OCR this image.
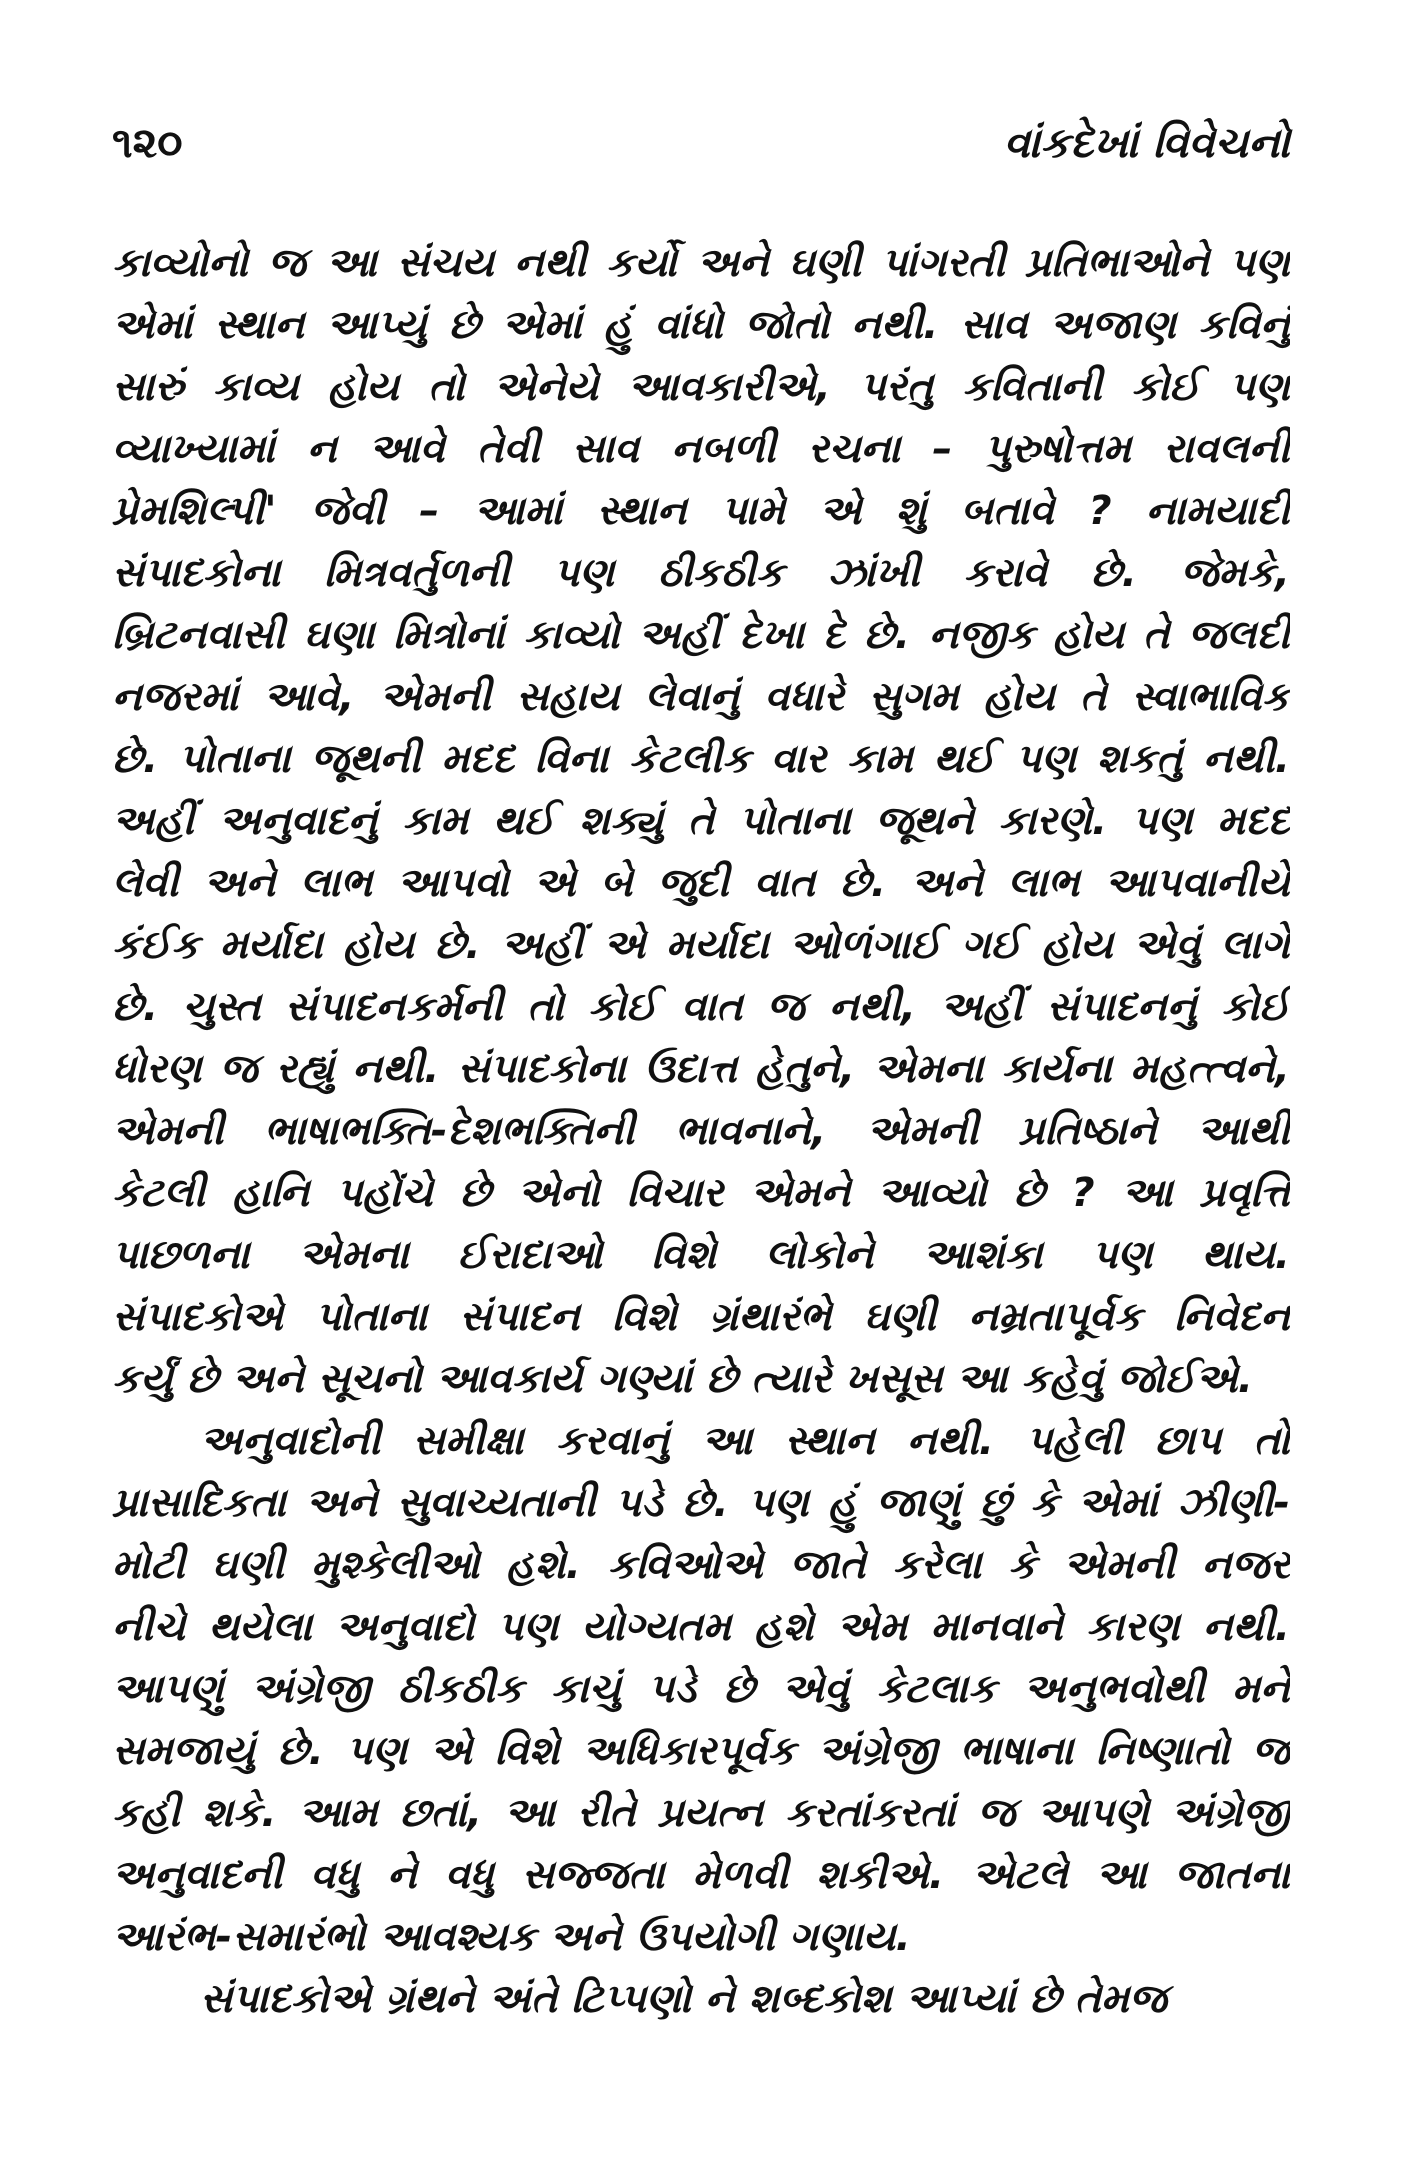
૧૨૦	વાંકદેખાં વિવેચનો
કાવ્યોનો જ આ સંચય નથી કર્યો અને ઘણી પાંગરતી પ્રતિભાઓને પણ
એમાં સ્થાન આપ્યું છે એમાં હું વાંધો જોતો નથી. સાવ અજાણ કવિનું
સારું કાવ્ય હોય તો એનેયે આવકારીએ, પરંતુ કવિતાની કોઈ પણ
વ્યાખ્યામાં ન આવે તેવી સાવ નબળી રચના – પુરુષોત્તમ રાવલની
પ્રેમશિલ્પી' જેવી – આમાં સ્થાન પામે એ શું બતાવે ? નામયાદી
સંપાદકોના મિત્રવર્તુળની પણ ઠીકઠીક ઝાંખી કરાવે છે. જેમકે,
બ્રિટનવાસી ઘણા મિત્રોનાં કાવ્યો અહીં દેખા દે છે. નજીક હોય તે જલદી
નજરમાં આવે, એમની સહાય લેવાનું વધારે સુગમ હોય તે સ્વાભાવિક
છે. પોતાના જૂથની મદદ વિના કેટલીક વાર કામ થઈ પણ શકતું નથી.
અહીં અનુવાદનું કામ થઈ શક્યું તે પોતાના જૂથને કારણે. પણ મદદ
લેવી અને લાભ આપવો એ બે જુદી વાત છે. અને લાભ આપવાનીયે
કંઈક મર્યાદા હોય છે. અહીં એ મર્યાદા ઓળંગાઈ ગઈ હોય એવું લાગે
છે. ચુસ્ત સંપાદનકર્મની તો કોઈ વાત જ નથી, અહીં સંપાદનનું કોઈ
ધોરણ જ રહ્યું નથી. સંપાદકોના ઉદાત્ત હેતુને, એમના કાર્યના મહત્ત્વને,
એમની ભાષાભક્તિ-દેશભક્તિની ભાવનાને, એમની પ્રતિષ્ઠાને આથી
કેટલી હાનિ પહોંચે છે એનો વિચાર એમને આવ્યો છે ? આ પ્રવૃત્તિ
પાછળના એમના ઈરાદાઓ વિશે લોકોને આશંકા પણ થાય.
સંપાદકોએ પોતાના સંપાદન વિશે ગ્રંથારંભે ઘણી નમ્રતાપૂર્વક નિવેદન
કર્યું છે અને સૂચનો આવકાર્ય ગણ્યાં છે ત્યારે ખસૂસ આ કહેવું જોઈએ.
અનુવાદોની સમીક્ષા કરવાનું આ સ્થાન નથી. પહેલી છાપ તો
પ્રાસાદિકતા અને સુવાચ્યતાની પડે છે. પણ હું જાણું છું કે એમાં ઝીણી-
મોટી ઘણી મુશ્કેલીઓ હશે. કવિઓએ જાતે કરેલા કે એમની નજર
નીચે થયેલા અનુવાદો પણ યોગ્યતમ હશે એમ માનવાને કારણ નથી.
આપણું અંગ્રેજી ઠીકઠીક કાચું પડે છે એવું કેટલાક અનુભવોથી મને
સમજાયું છે. પણ એ વિશે અધિકારપૂર્વક અંગ્રેજી ભાષાના નિષ્ણાતો જ
કહી શકે. આમ છતાં, આ રીતે પ્રયત્ન કરતાંકરતાં જ આપણે અંગ્રેજી
અનુવાદની વધુ ને વધુ સજ્જતા મેળવી શકીએ. એટલે આ જાતના
આરંભ-સમારંભો આવશ્યક અને ઉપયોગી ગણાય.
સંપાદકોએ ગ્રંથને અંતે ટિપ્પણો ને શબ્દકોશ આપ્યાં છે તેમજ
